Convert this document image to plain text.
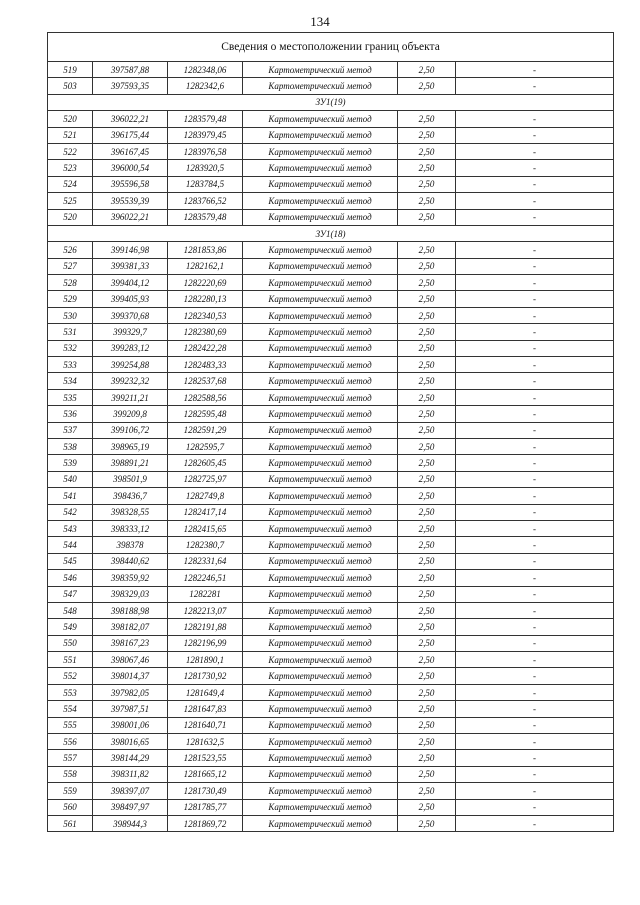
134
Сведения о местоположении границ объекта					
519	397587,88	1282348,06	Картометрический метод	2,50	-
503	397593,35	1282342,6	Картометрический метод	2,50	-
ЗУ1(19)					
520	396022,21	1283579,48	Картометрический метод	2,50	-
521	396175,44	1283979,45	Картометрический метод	2,50	-
522	396167,45	1283976,58	Картометрический метод	2,50	-
523	396000,54	1283920,5	Картометрический метод	2,50	-
524	395596,58	1283784,5	Картометрический метод	2,50	-
525	395539,39	1283766,52	Картометрический метод	2,50	-
520	396022,21	1283579,48	Картометрический метод	2,50	-
ЗУ1(18)					
526	399146,98	1281853,86	Картометрический метод	2,50	-
527	399381,33	1282162,1	Картометрический метод	2,50	-
528	399404,12	1282220,69	Картометрический метод	2,50	-
529	399405,93	1282280,13	Картометрический метод	2,50	-
530	399370,68	1282340,53	Картометрический метод	2,50	-
531	399329,7	1282380,69	Картометрический метод	2,50	-
532	399283,12	1282422,28	Картометрический метод	2,50	-
533	399254,88	1282483,33	Картометрический метод	2,50	-
534	399232,32	1282537,68	Картометрический метод	2,50	-
535	399211,21	1282588,56	Картометрический метод	2,50	-
536	399209,8	1282595,48	Картометрический метод	2,50	-
537	399106,72	1282591,29	Картометрический метод	2,50	-
538	398965,19	1282595,7	Картометрический метод	2,50	-
539	398891,21	1282605,45	Картометрический метод	2,50	-
540	398501,9	1282725,97	Картометрический метод	2,50	-
541	398436,7	1282749,8	Картометрический метод	2,50	-
542	398328,55	1282417,14	Картометрический метод	2,50	-
543	398333,12	1282415,65	Картометрический метод	2,50	-
544	398378	1282380,7	Картометрический метод	2,50	-
545	398440,62	1282331,64	Картометрический метод	2,50	-
546	398359,92	1282246,51	Картометрический метод	2,50	-
547	398329,03	1282281	Картометрический метод	2,50	-
548	398188,98	1282213,07	Картометрический метод	2,50	-
549	398182,07	1282191,88	Картометрический метод	2,50	-
550	398167,23	1282196,99	Картометрический метод	2,50	-
551	398067,46	1281890,1	Картометрический метод	2,50	-
552	398014,37	1281730,92	Картометрический метод	2,50	-
553	397982,05	1281649,4	Картометрический метод	2,50	-
554	397987,51	1281647,83	Картометрический метод	2,50	-
555	398001,06	1281640,71	Картометрический метод	2,50	-
556	398016,65	1281632,5	Картометрический метод	2,50	-
557	398144,29	1281523,55	Картометрический метод	2,50	-
558	398311,82	1281665,12	Картометрический метод	2,50	-
559	398397,07	1281730,49	Картометрический метод	2,50	-
560	398497,97	1281785,77	Картометрический метод	2,50	-
561	398944,3	1281869,72	Картометрический метод	2,50	-
